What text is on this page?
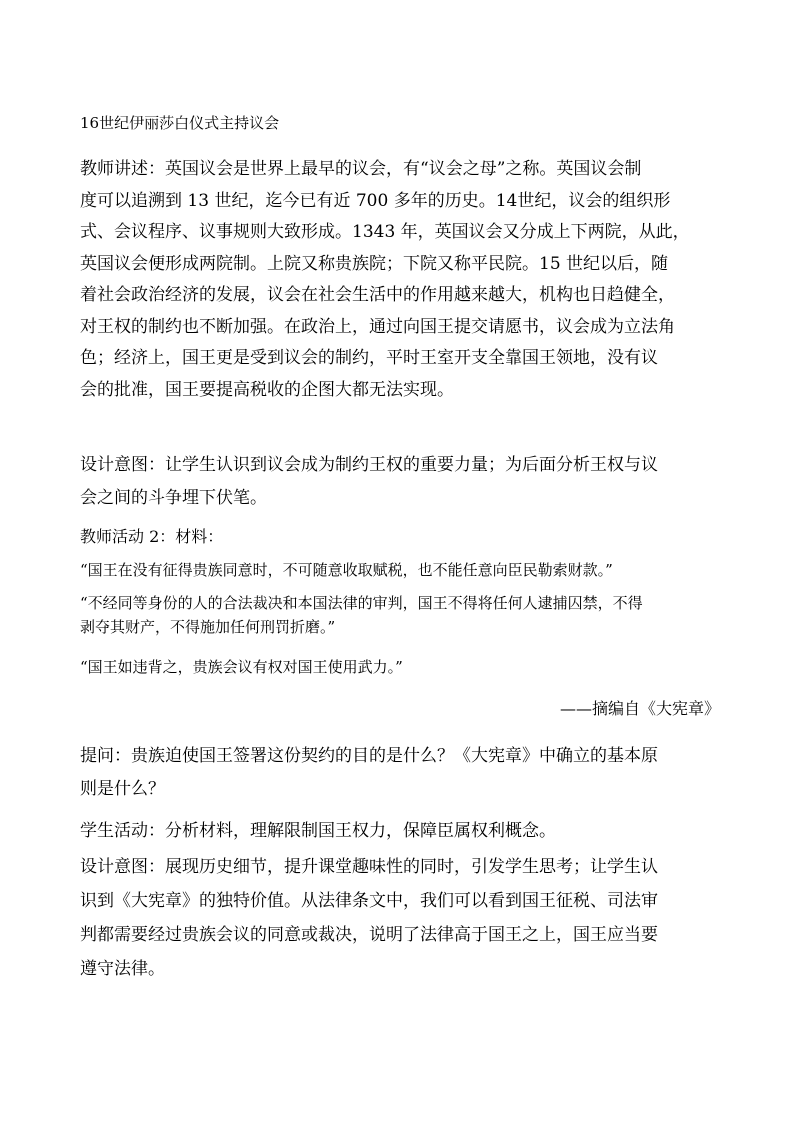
16世纪伊丽莎白仪式主持议会
教师讲述：英国议会是世界上最早的议会，有“议会之母”之称。英国议会制
度可以追溯到 13 世纪，迄今已有近 700 多年的历史。14世纪，议会的组织形
式、会议程序、议事规则大致形成。1343 年，英国议会又分成上下两院，从此，
英国议会便形成两院制。上院又称贵族院；下院又称平民院。15 世纪以后，随
着社会政治经济的发展，议会在社会生活中的作用越来越大，机构也日趋健全，
对王权的制约也不断加强。在政治上，通过向国王提交请愿书，议会成为立法角
色；经济上，国王更是受到议会的制约，平时王室开支全靠国王领地，没有议
会的批准，国王要提高税收的企图大都无法实现。
设计意图：让学生认识到议会成为制约王权的重要力量；为后面分析王权与议
会之间的斗争埋下伏笔。
教师活动 2：材料：
“国王在没有征得贵族同意时，不可随意收取赋税，也不能任意向臣民勒索财款。”
“不经同等身份的人的合法裁决和本国法律的审判，国王不得将任何人逮捕囚禁，不得
剥夺其财产，不得施加任何刑罚折磨。”
“国王如违背之，贵族会议有权对国王使用武力。”
——摘编自《大宪章》
提问：贵族迫使国王签署这份契约的目的是什么？《大宪章》中确立的基本原
则是什么？
学生活动：分析材料，理解限制国王权力，保障臣属权利概念。
设计意图：展现历史细节，提升课堂趣味性的同时，引发学生思考；让学生认
识到《大宪章》的独特价值。从法律条文中，我们可以看到国王征税、司法审
判都需要经过贵族会议的同意或裁决，说明了法律高于国王之上，国王应当要
遵守法律。
